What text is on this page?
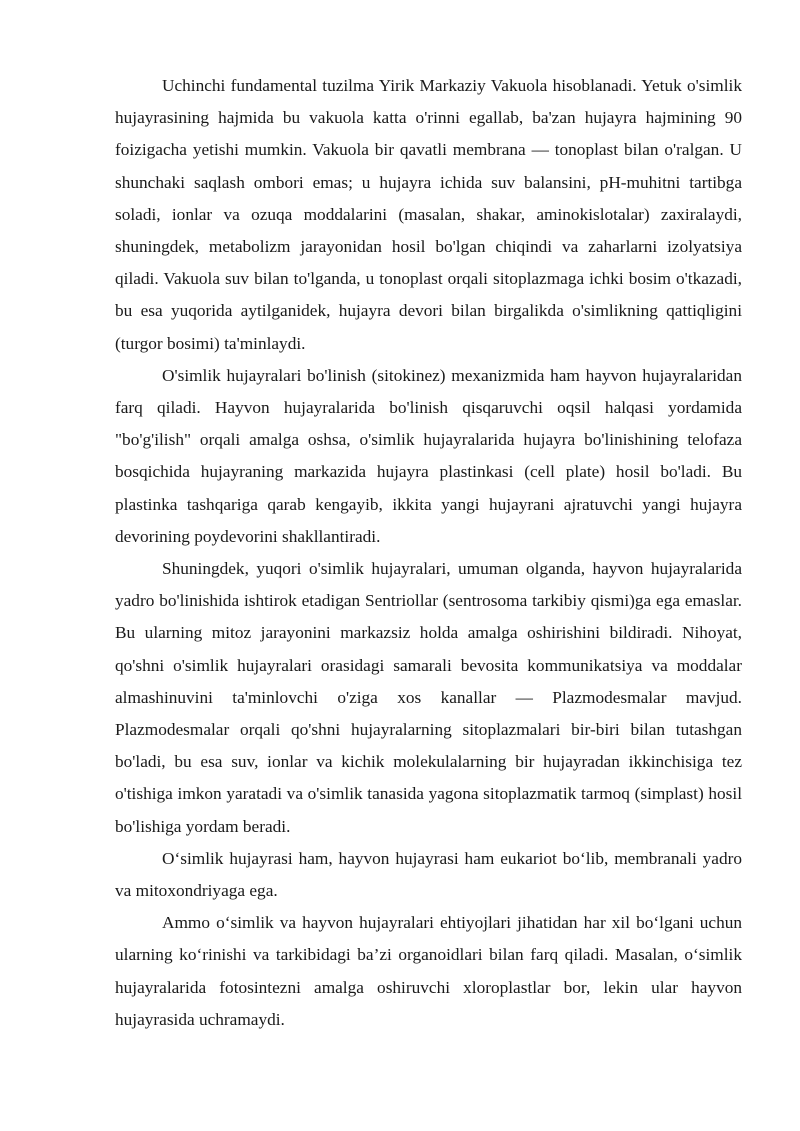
Uchinchi fundamental tuzilma Yirik Markaziy Vakuola hisoblanadi. Yetuk o'simlik hujayrasining hajmida bu vakuola katta o'rinni egallab, ba'zan hujayra hajmining 90 foizigacha yetishi mumkin. Vakuola bir qavatli membrana — tonoplast bilan o'ralgan. U shunchaki saqlash ombori emas; u hujayra ichida suv balansini, pH-muhitni tartibga soladi, ionlar va ozuqa moddalarini (masalan, shakar, aminokislotalar) zaxiralaydi, shuningdek, metabolizm jarayonidan hosil bo'lgan chiqindi va zaharlarni izolyatsiya qiladi. Vakuola suv bilan to'lganda, u tonoplast orqali sitoplazmaga ichki bosim o'tkazadi, bu esa yuqorida aytilganidek, hujayra devori bilan birgalikda o'simlikning qattiqligini (turgor bosimi) ta'minlaydi.

O'simlik hujayralari bo'linish (sitokinez) mexanizmida ham hayvon hujayralaridan farq qiladi. Hayvon hujayralarida bo'linish qisqaruvchi oqsil halqasi yordamida "bo'g'ilish" orqali amalga oshsa, o'simlik hujayralarida hujayra bo'linishining telofaza bosqichida hujayraning markazida hujayra plastinkasi (cell plate) hosil bo'ladi. Bu plastinka tashqariga qarab kengayib, ikkita yangi hujayrani ajratuvchi yangi hujayra devorining poydevorini shakllantiradi.

Shuningdek, yuqori o'simlik hujayralari, umuman olganda, hayvon hujayralarida yadro bo'linishida ishtirok etadigan Sentriollar (sentrosoma tarkibiy qismi)ga ega emaslar. Bu ularning mitoz jarayonini markazsiz holda amalga oshirishini bildiradi. Nihoyat, qo'shni o'simlik hujayralari orasidagi samarali bevosita kommunikatsiya va moddalar almashinuvini ta'minlovchi o'ziga xos kanallar — Plazmodesmalar mavjud. Plazmodesmalar orqali qo'shni hujayralarning sitoplazmalari bir-biri bilan tutashgan bo'ladi, bu esa suv, ionlar va kichik molekulalarning bir hujayradan ikkinchisiga tez o'tishiga imkon yaratadi va o'simlik tanasida yagona sitoplazmatik tarmoq (simplast) hosil bo'lishiga yordam beradi.

O‘simlik hujayrasi ham, hayvon hujayrasi ham eukariot bo‘lib, membranali yadro va mitoxondriyaga ega.

Ammo o‘simlik va hayvon hujayralari ehtiyojlari jihatidan har xil bo‘lgani uchun ularning ko‘rinishi va tarkibidagi ba’zi organoidlari bilan farq qiladi. Masalan, o‘simlik hujayralarida fotosintezni amalga oshiruvchi xloroplastlar bor, lekin ular hayvon hujayrasida uchramaydi.
